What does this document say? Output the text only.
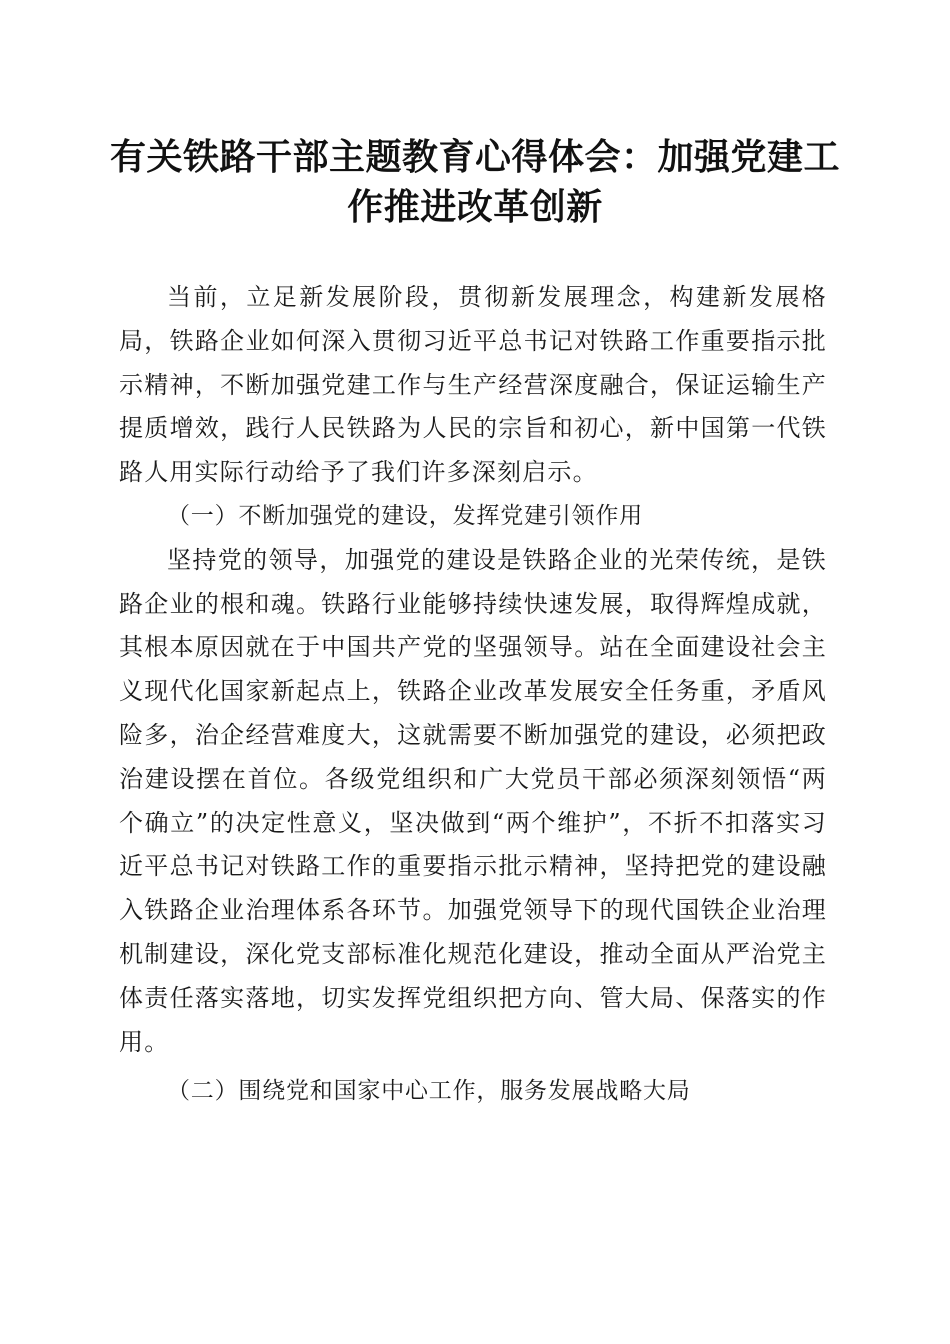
有关铁路干部主题教育心得体会：加强党建工

作推进改革创新

当前，立足新发展阶段，贯彻新发展理念，构建新发展格局，铁路企业如何深入贯彻习近平总书记对铁路工作重要指示批示精神，不断加强党建工作与生产经营深度融合，保证运输生产提质增效，践行人民铁路为人民的宗旨和初心，新中国第一代铁路人用实际行动给予了我们许多深刻启示。

（一）不断加强党的建设，发挥党建引领作用

坚持党的领导，加强党的建设是铁路企业的光荣传统，是铁路企业的根和魂。铁路行业能够持续快速发展，取得辉煌成就，其根本原因就在于中国共产党的坚强领导。站在全面建设社会主义现代化国家新起点上，铁路企业改革发展安全任务重，矛盾风险多，治企经营难度大，这就需要不断加强党的建设，必须把政治建设摆在首位。各级党组织和广大党员干部必须深刻领悟“两个确立”的决定性意义，坚决做到“两个维护”，不折不扣落实习近平总书记对铁路工作的重要指示批示精神，坚持把党的建设融入铁路企业治理体系各环节。加强党领导下的现代国铁企业治理机制建设，深化党支部标准化规范化建设，推动全面从严治党主体责任落实落地，切实发挥党组织把方向、管大局、保落实的作用。

（二）围绕党和国家中心工作，服务发展战略大局
